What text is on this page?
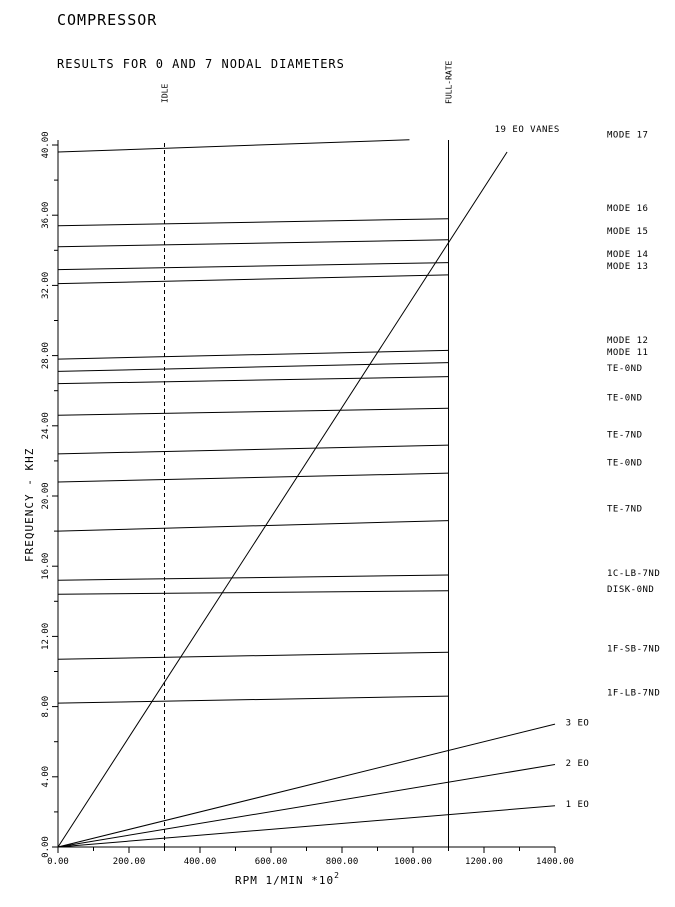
COMPRESSOR
RESULTS FOR 0 AND 7 NODAL DIAMETERS
0.00	200.00	400.00	600.00	800.00	1000.00	1200.00	1400.00
0.00
4.00
8.00
12.00
16.00
20.00
24.00
28.00
32.00
36.00
40.00
IDLE	FULL-RATE
MODE 17
MODE 16
MODE 15
MODE 14
MODE 13
MODE 12
MODE 11
TE-0ND
TE-0ND
TE-7ND
TE-0ND
TE-7ND
1C-LB-7ND
DISK-0ND
1F-SB-7ND
1F-LB-7ND
19 EO VANES
3 EO
2 EO
1 EO
RPM 1/MIN $*10^2$
FREQUENCY - KHZ
